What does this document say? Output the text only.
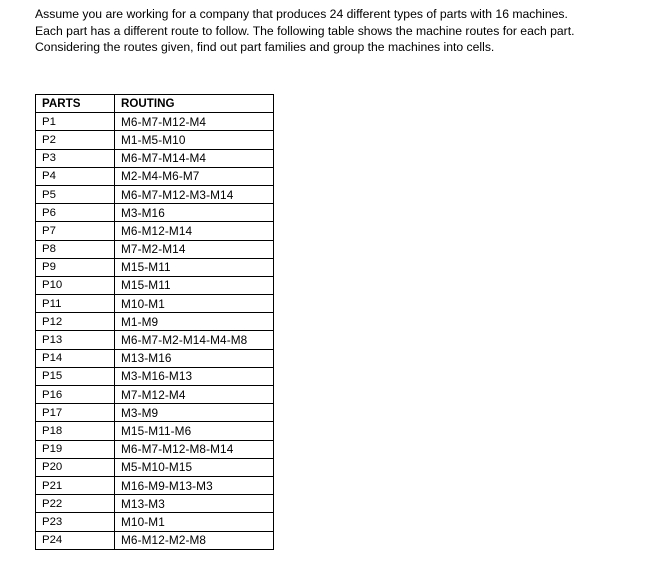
Assume you are working for a company that produces 24 different types of parts with 16 machines.
Each part has a different route to follow. The following table shows the machine routes for each part.
Considering the routes given, find out part families and group the machines into cells.

PARTS	ROUTING
P1	M6-M7-M12-M4
P2	M1-M5-M10
P3	M6-M7-M14-M4
P4	M2-M4-M6-M7
P5	M6-M7-M12-M3-M14
P6	M3-M16
P7	M6-M12-M14
P8	M7-M2-M14
P9	M15-M11
P10	M15-M11
P11	M10-M1
P12	M1-M9
P13	M6-M7-M2-M14-M4-M8
P14	M13-M16
P15	M3-M16-M13
P16	M7-M12-M4
P17	M3-M9
P18	M15-M11-M6
P19	M6-M7-M12-M8-M14
P20	M5-M10-M15
P21	M16-M9-M13-M3
P22	M13-M3
P23	M10-M1
P24	M6-M12-M2-M8
